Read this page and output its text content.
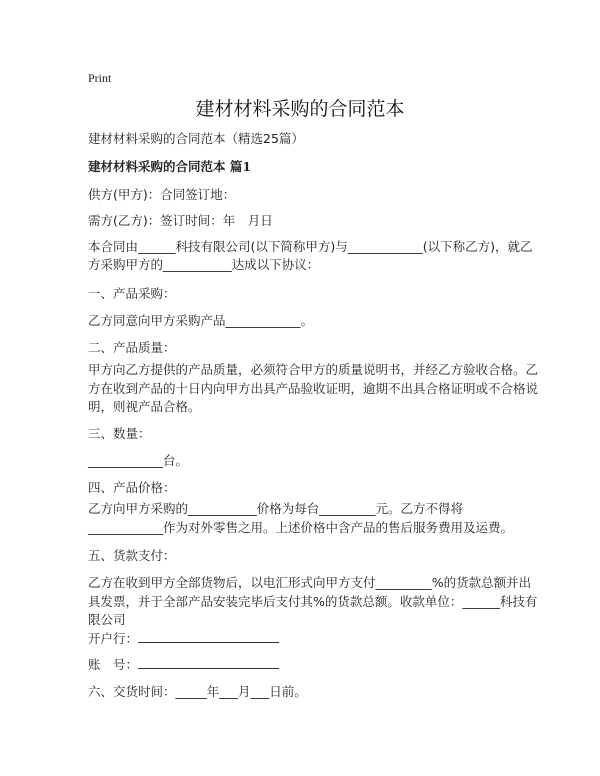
Print
建材材料采购的合同范本
建材材料采购的合同范本（精选25篇）
建材材料采购的合同范本 篇1
供方(甲方)：合同签订地：
需方(乙方)：签订时间：年　月日
本合同由______科技有限公司(以下简称甲方)与____________(以下称乙方)，就乙
方采购甲方的___________达成以下协议：
一、产品采购：
乙方同意向甲方采购产品____________。
二、产品质量：
甲方向乙方提供的产品质量，必须符合甲方的质量说明书，并经乙方验收合格。乙
方在收到产品的十日内向甲方出具产品验收证明，逾期不出具合格证明或不合格说
明，则视产品合格。
三、数量：
____________台。
四、产品价格：
乙方向甲方采购的___________价格为每台_________元。乙方不得将
____________作为对外零售之用。上述价格中含产品的售后服务费用及运费。
五、货款支付：
乙方在收到甲方全部货物后，以电汇形式向甲方支付_________%的货款总额并出
具发票，并于全部产品安装完毕后支付其%的货款总额。收款单位：______科技有
限公司
开户行：
账　号：
六、交货时间：_____年___月___日前。
